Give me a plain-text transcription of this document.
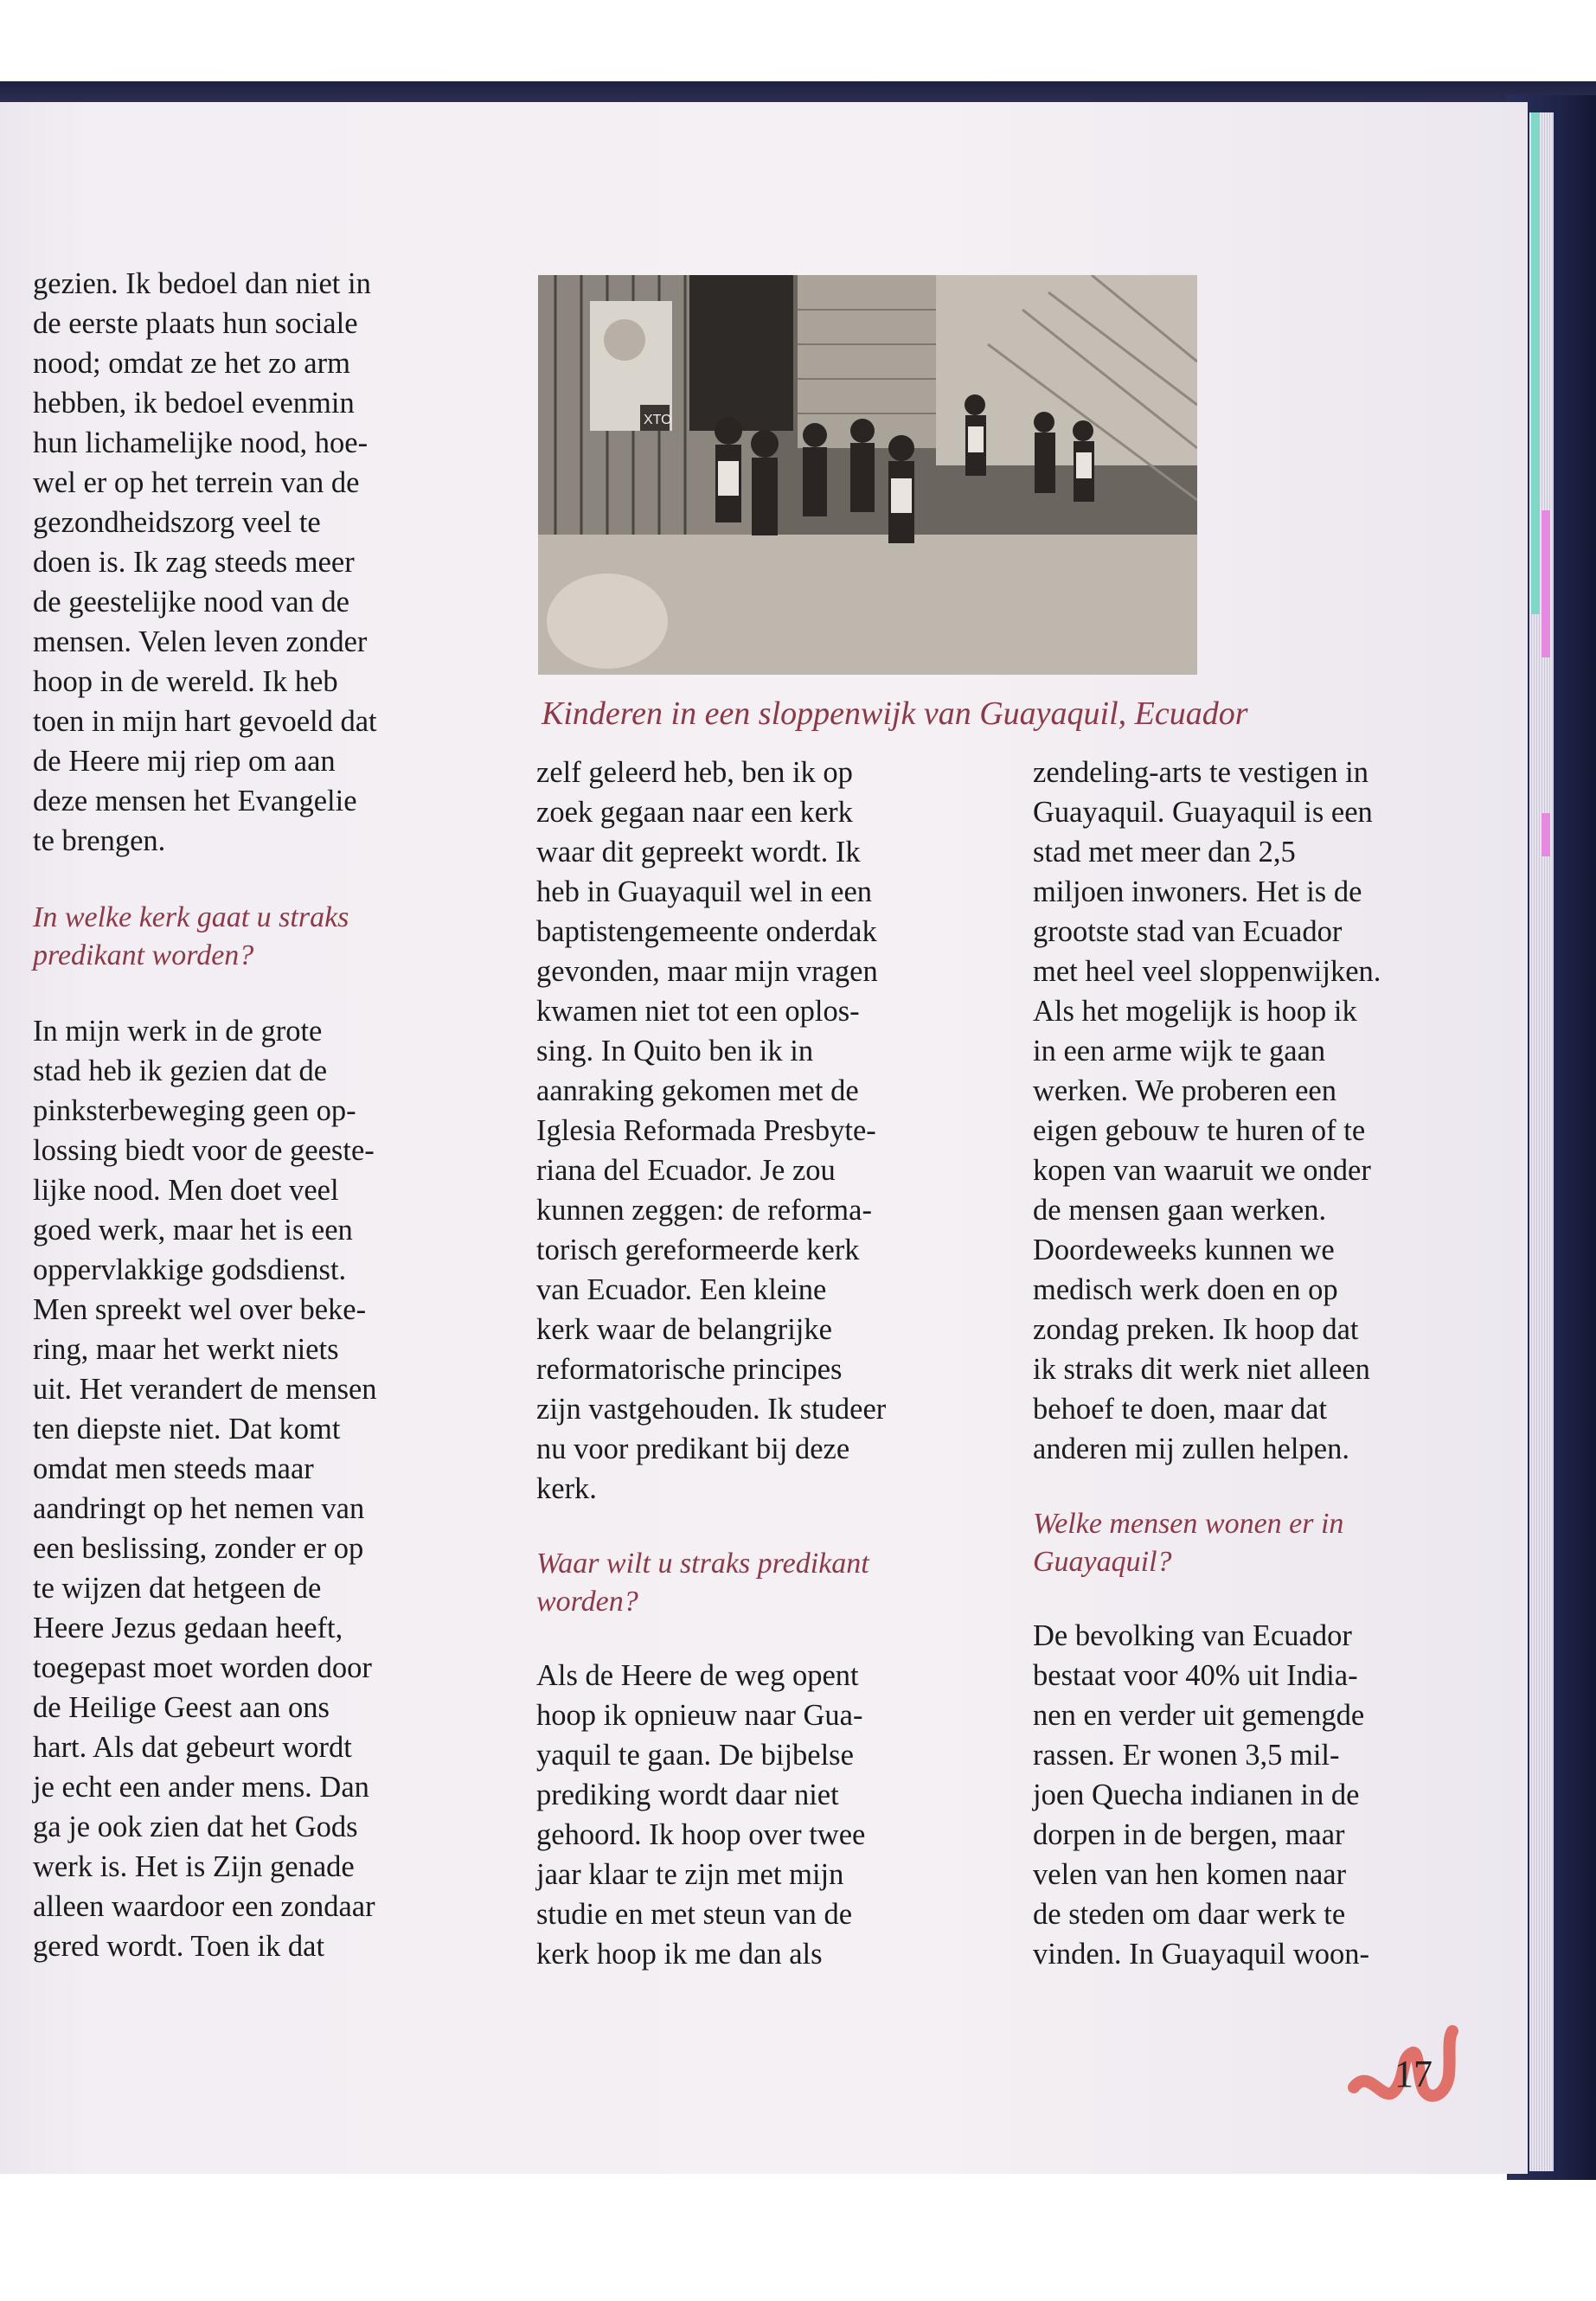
gezien. Ik bedoel dan niet in
de eerste plaats hun sociale
nood; omdat ze het zo arm
hebben, ik bedoel evenmin
hun lichamelijke nood, hoe-
wel er op het terrein van de
gezondheidszorg veel te
doen is. Ik zag steeds meer
de geestelijke nood van de
mensen. Velen leven zonder
hoop in de wereld. Ik heb
toen in mijn hart gevoeld dat
de Heere mij riep om aan
deze mensen het Evangelie
te brengen.

In welke kerk gaat u straks
predikant worden?

In mijn werk in de grote
stad heb ik gezien dat de
pinksterbeweging geen op-
lossing biedt voor de geeste-
lijke nood. Men doet veel
goed werk, maar het is een
oppervlakkige godsdienst.
Men spreekt wel over beke-
ring, maar het werkt niets
uit. Het verandert de mensen
ten diepste niet. Dat komt
omdat men steeds maar
aandringt op het nemen van
een beslissing, zonder er op
te wijzen dat hetgeen de
Heere Jezus gedaan heeft,
toegepast moet worden door
de Heilige Geest aan ons
hart. Als dat gebeurt wordt
je echt een ander mens. Dan
ga je ook zien dat het Gods
werk is. Het is Zijn genade
alleen waardoor een zondaar
gered wordt. Toen ik dat

XTO
Kinderen in een sloppenwijk van Guayaquil, Ecuador

zelf geleerd heb, ben ik op
zoek gegaan naar een kerk
waar dit gepreekt wordt. Ik
heb in Guayaquil wel in een
baptistengemeente onderdak
gevonden, maar mijn vragen
kwamen niet tot een oplos-
sing. In Quito ben ik in
aanraking gekomen met de
Iglesia Reformada Presbyte-
riana del Ecuador. Je zou
kunnen zeggen: de reforma-
torisch gereformeerde kerk
van Ecuador. Een kleine
kerk waar de belangrijke
reformatorische principes
zijn vastgehouden. Ik studeer
nu voor predikant bij deze
kerk.

Waar wilt u straks predikant
worden?

Als de Heere de weg opent
hoop ik opnieuw naar Gua-
yaquil te gaan. De bijbelse
prediking wordt daar niet
gehoord. Ik hoop over twee
jaar klaar te zijn met mijn
studie en met steun van de
kerk hoop ik me dan als

zendeling-arts te vestigen in
Guayaquil. Guayaquil is een
stad met meer dan 2,5
miljoen inwoners. Het is de
grootste stad van Ecuador
met heel veel sloppenwijken.
Als het mogelijk is hoop ik
in een arme wijk te gaan
werken. We proberen een
eigen gebouw te huren of te
kopen van waaruit we onder
de mensen gaan werken.
Doordeweeks kunnen we
medisch werk doen en op
zondag preken. Ik hoop dat
ik straks dit werk niet alleen
behoef te doen, maar dat
anderen mij zullen helpen.

Welke mensen wonen er in
Guayaquil?

De bevolking van Ecuador
bestaat voor 40% uit India-
nen en verder uit gemengde
rassen. Er wonen 3,5 mil-
joen Quecha indianen in de
dorpen in de bergen, maar
velen van hen komen naar
de steden om daar werk te
vinden. In Guayaquil woon-

17
